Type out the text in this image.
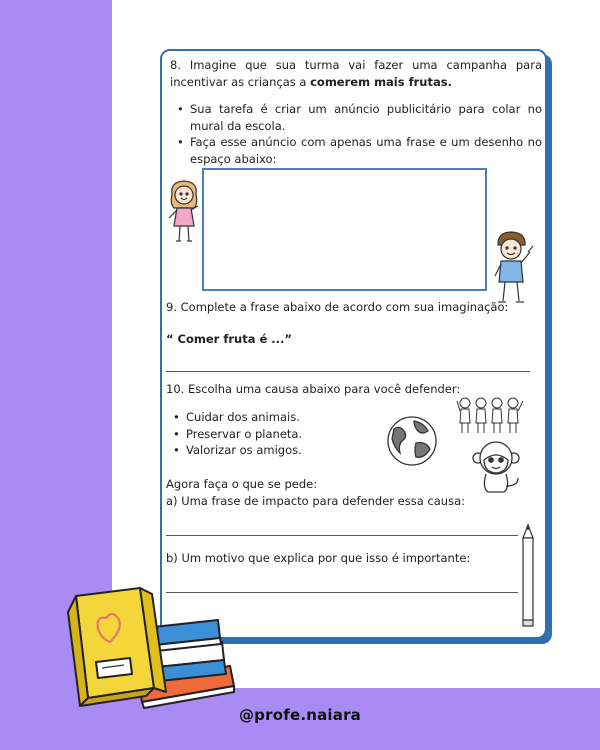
8. Imagine que sua turma vai fazer uma campanha para incentivar as crianças a comerem mais frutas.
• Sua tarefa é criar um anúncio publicitário para colar no mural da escola.
• Faça esse anúncio com apenas uma frase e um desenho no espaço abaixo:
9. Complete a frase abaixo de acordo com sua imaginação:
“ Comer fruta é ...”
10. Escolha uma causa abaixo para você defender:
• Cuidar dos animais.
• Preservar o planeta.
• Valorizar os amigos.
Agora faça o que se pede:
a) Uma frase de impacto para defender essa causa:
b) Um motivo que explica por que isso é importante:
@profe.naiara
